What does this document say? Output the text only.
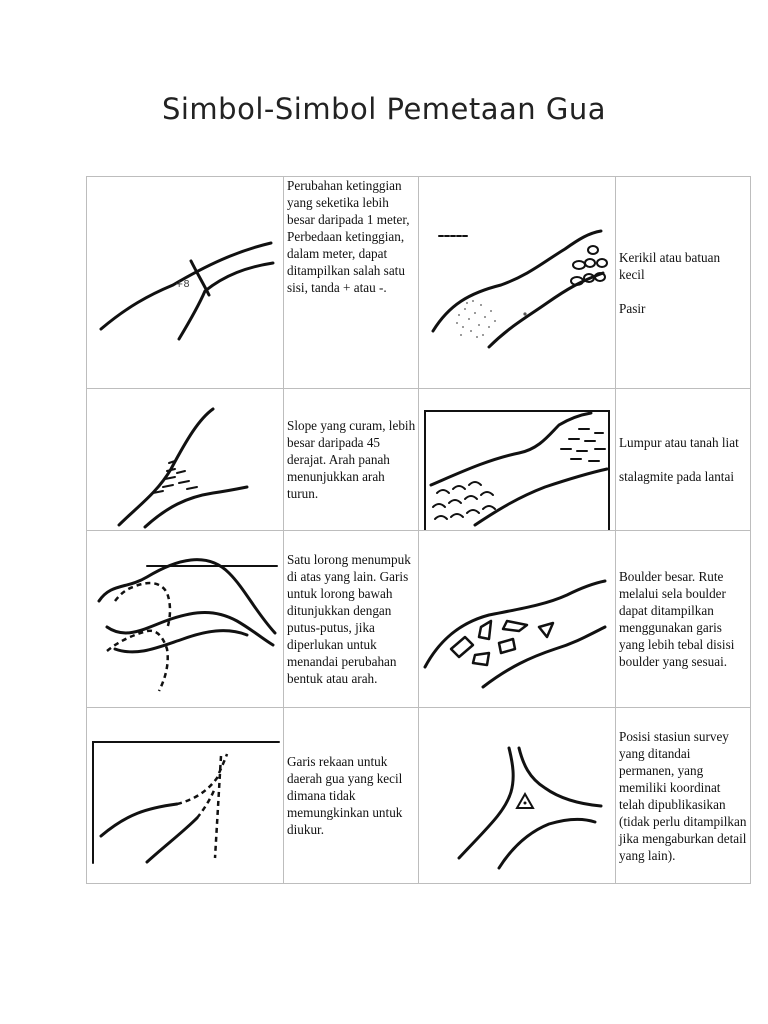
Simbol-Simbol Pemetaan Gua
+8	Perubahan ketinggian yang seketika lebih besar daripada 1 meter, Perbedaan ketinggian, dalam meter, dapat ditampilkan salah satu sisi, tanda + atau -.		Kerikil atau batuan kecil

Pasir

Slope yang curam, lebih besar daripada 45 derajat. Arah panah menunjukkan arah turun.		Lumpur atau tanah liat

stalagmite pada lantai

Satu lorong menumpuk di atas yang lain. Garis untuk lorong bawah ditunjukkan dengan putus-putus, jika diperlukan untuk menandai perubahan bentuk atau arah.		Boulder besar. Rute melalui sela boulder dapat ditampilkan menggunakan garis yang lebih tebal disisi boulder yang sesuai.

Garis rekaan untuk daerah gua yang kecil dimana tidak memungkinkan untuk diukur.		Posisi stasiun survey yang ditandai permanen, yang memiliki koordinat telah dipublikasikan (tidak perlu ditampilkan jika mengaburkan detail yang lain).
